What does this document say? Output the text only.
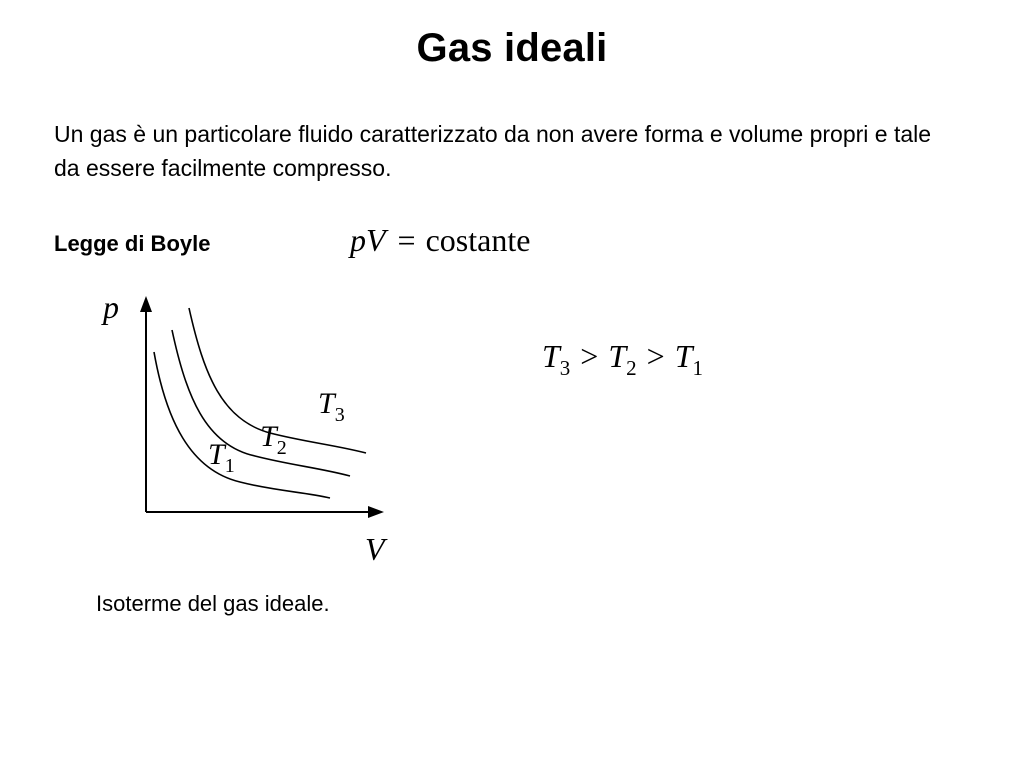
Gas ideali
Un gas è un particolare fluido caratterizzato da non avere forma e volume propri e tale da essere facilmente compresso.
Legge di Boyle	pV = costante
$T_3 > T_2 > T_1$
p
V
$T_1$
$T_2$
$T_3$
Isoterme del gas ideale.
